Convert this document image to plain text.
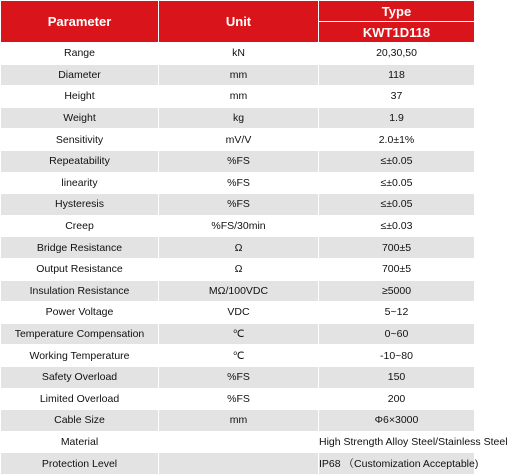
Parameter	Unit	Type
		KWT1D118
Range	kN	20,30,50
Diameter	mm	118
Height	mm	37
Weight	kg	1.9
Sensitivity	mV/V	2.0±1%
Repeatability	%FS	≤±0.05
linearity	%FS	≤±0.05
Hysteresis	%FS	≤±0.05
Creep	%FS/30min	≤±0.03
Bridge Resistance	Ω	700±5
Output Resistance	Ω	700±5
Insulation Resistance	MΩ/100VDC	≥5000
Power Voltage	VDC	5~12
Temperature Compensation	℃	0~60
Working Temperature	℃	-10~80
Safety Overload	%FS	150
Limited Overload	%FS	200
Cable Size	mm	Φ6×3000
Material		High Strength Alloy Steel/Stainless Steel
Protection Level		IP68 （Customization Acceptable)
